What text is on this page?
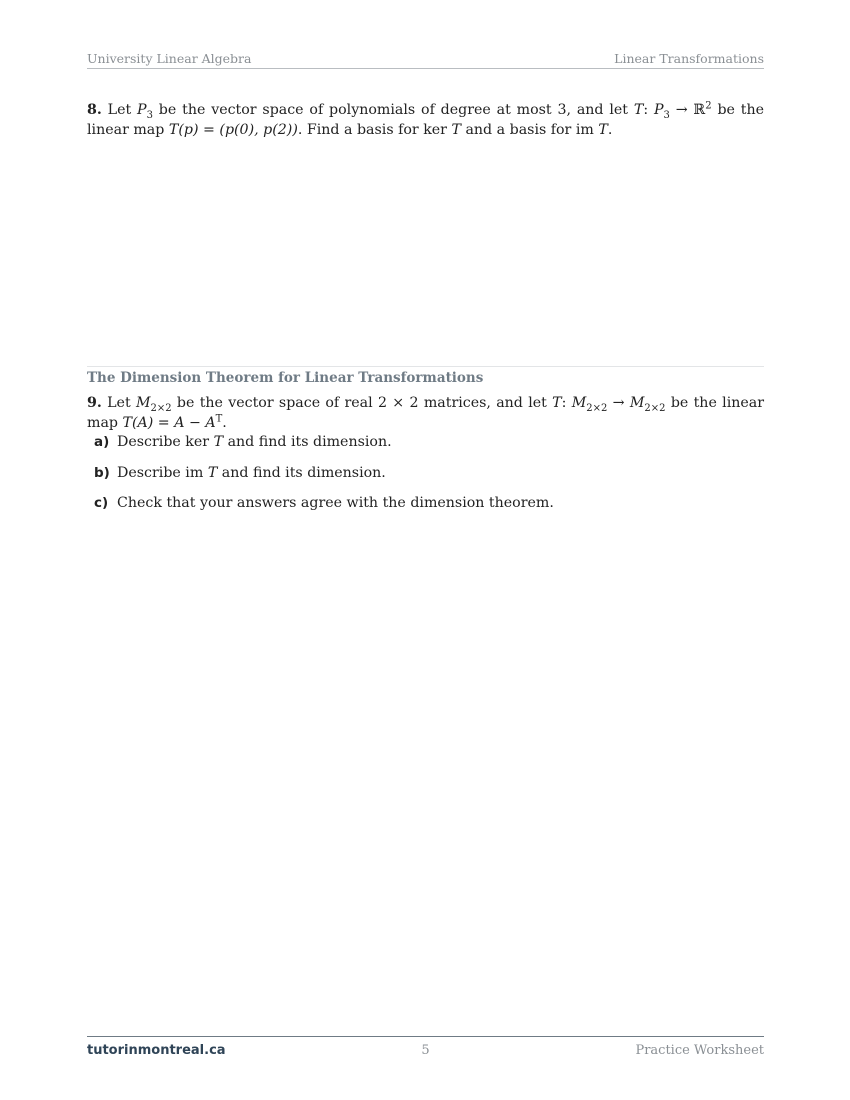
University Linear Algebra	Linear Transformations
8. Let $P_3$ be the vector space of polynomials of degree at most 3, and let T: $P_3$ → ℝ$^2$ be the linear map T(p) = (p(0), p(2)). Find a basis for ker T and a basis for im T.
The Dimension Theorem for Linear Transformations
9. Let $M_{2\times 2}$ be the vector space of real 2 × 2 matrices, and let T: $M_{2\times 2} \to M_{2\times 2}$ be the linear map $T(A) = A - A^T$.
a) Describe ker T and find its dimension.
b) Describe im T and find its dimension.
c) Check that your answers agree with the dimension theorem.
tutorinmontreal.ca	5	Practice Worksheet
